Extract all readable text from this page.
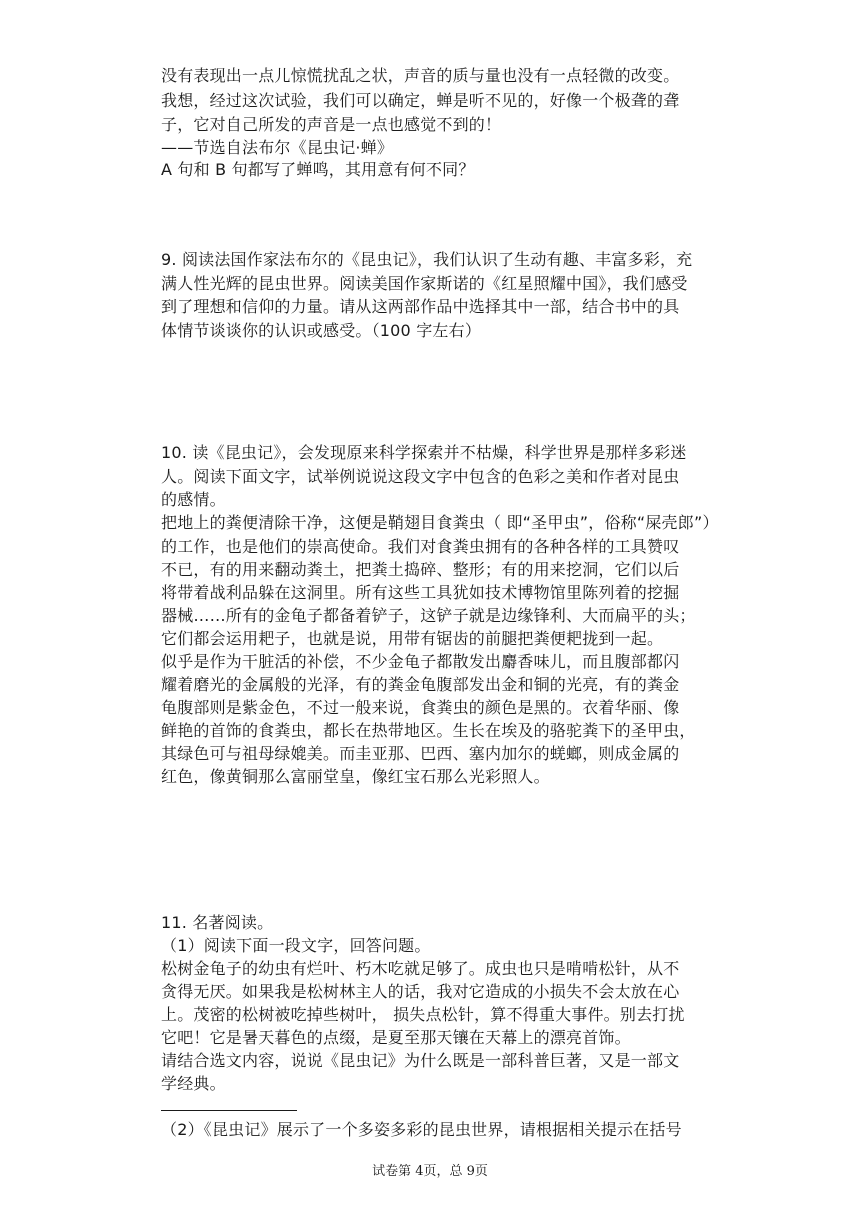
没有表现出一点儿惊慌扰乱之状，声音的质与量也没有一点轻微的改变。
我想，经过这次试验，我们可以确定，蝉是听不见的，好像一个极聋的聋
子，它对自己所发的声音是一点也感觉不到的！
——节选自法布尔《昆虫记·蝉》
A 句和 B 句都写了蝉鸣，其用意有何不同？
9. 阅读法国作家法布尔的《昆虫记》，我们认识了生动有趣、丰富多彩，充
满人性光辉的昆虫世界。阅读美国作家斯诺的《红星照耀中国》，我们感受
到了理想和信仰的力量。请从这两部作品中选择其中一部，结合书中的具
体情节谈谈你的认识或感受。（100 字左右）
10. 读《昆虫记》，会发现原来科学探索并不枯燥，科学世界是那样多彩迷
人。阅读下面文字，试举例说说这段文字中包含的色彩之美和作者对昆虫
的感情。
把地上的粪便清除干净，这便是鞘翅目食粪虫（ 即“圣甲虫”，俗称“屎壳郎”）
的工作，也是他们的崇高使命。我们对食粪虫拥有的各种各样的工具赞叹
不已，有的用来翻动粪土，把粪土捣碎、整形；有的用来挖洞，它们以后
将带着战利品躲在这洞里。所有这些工具犹如技术博物馆里陈列着的挖掘
器械……所有的金龟子都备着铲子，这铲子就是边缘锋利、大而扁平的头；
它们都会运用耙子，也就是说，用带有锯齿的前腿把粪便耙拢到一起。
似乎是作为干脏活的补偿，不少金龟子都散发出麝香味儿，而且腹部都闪
耀着磨光的金属般的光泽，有的粪金龟腹部发出金和铜的光亮，有的粪金
龟腹部则是紫金色，不过一般来说，食粪虫的颜色是黑的。衣着华丽、像
鲜艳的首饰的食粪虫，都长在热带地区。生长在埃及的骆驼粪下的圣甲虫，
其绿色可与祖母绿媲美。而圭亚那、巴西、塞内加尔的蜣螂，则成金属的
红色，像黄铜那么富丽堂皇，像红宝石那么光彩照人。
11. 名著阅读。
（1）阅读下面一段文字，回答问题。
松树金龟子的幼虫有烂叶、朽木吃就足够了。成虫也只是啃啃松针，从不
贪得无厌。如果我是松树林主人的话，我对它造成的小损失不会太放在心
上。茂密的松树被吃掉些树叶， 损失点松针，算不得重大事件。别去打扰
它吧！它是暑天暮色的点缀，是夏至那天镶在天幕上的漂亮首饰。
请结合选文内容，说说《昆虫记》为什么既是一部科普巨著，又是一部文
学经典。
（2）《昆虫记》展示了一个多姿多彩的昆虫世界，请根据相关提示在括号
试卷第 4页，总 9页
